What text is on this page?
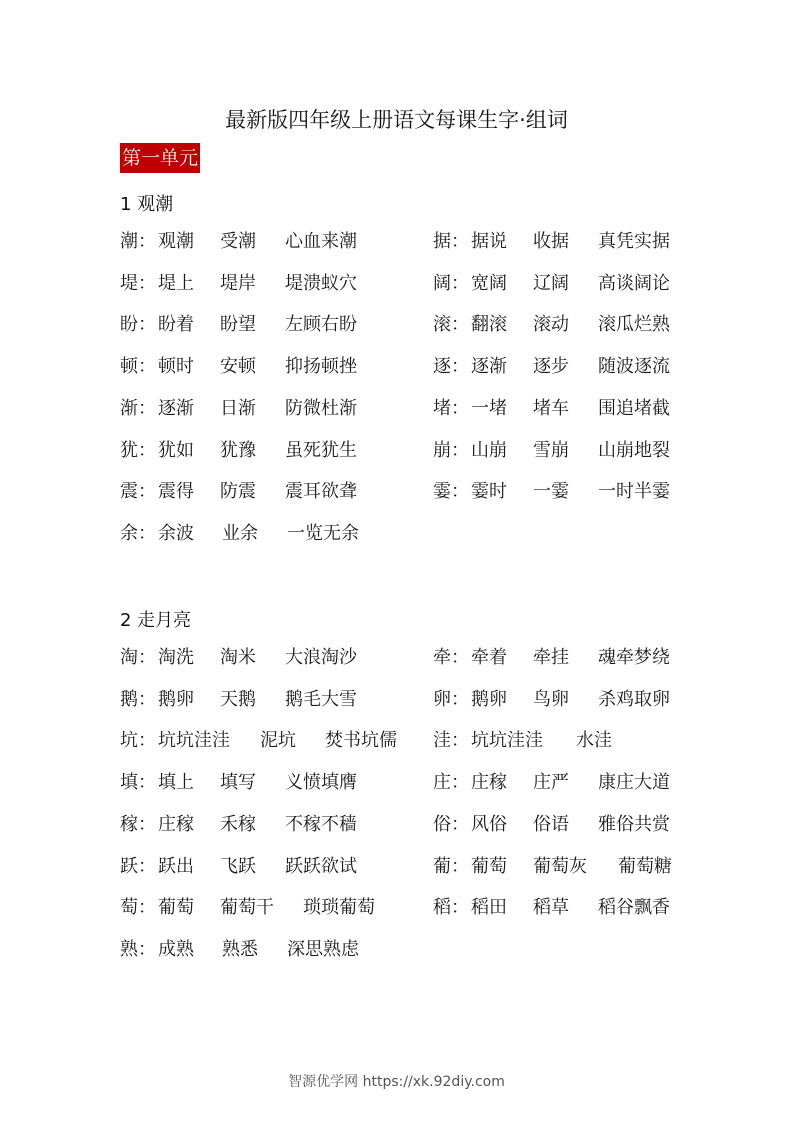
最新版四年级上册语文每课生字·组词
第一单元
1 观潮
潮： 观潮 受潮 心血来潮	据： 据说 收据 真凭实据
堤： 堤上 堤岸 堤溃蚁穴	阔： 宽阔 辽阔 高谈阔论
盼： 盼着 盼望 左顾右盼	滚： 翻滚 滚动 滚瓜烂熟
顿： 顿时 安顿 抑扬顿挫	逐： 逐渐 逐步 随波逐流
渐： 逐渐 日渐 防微杜渐	堵： 一堵 堵车 围追堵截
犹： 犹如 犹豫 虽死犹生	崩： 山崩 雪崩 山崩地裂
震： 震得 防震 震耳欲聋	霎： 霎时 一霎 一时半霎
余： 余波 业余 一览无余
2 走月亮
淘： 淘洗 淘米 大浪淘沙	牵： 牵着 牵挂 魂牵梦绕
鹅： 鹅卵 天鹅 鹅毛大雪	卵： 鹅卵 鸟卵 杀鸡取卵
坑： 坑坑洼洼 泥坑 焚书坑儒 洼： 坑坑洼洼 水洼
填： 填上 填写 义愤填膺	庄： 庄稼 庄严 康庄大道
稼： 庄稼 禾稼 不稼不穑	俗： 风俗 俗语 雅俗共赏
跃： 跃出 飞跃 跃跃欲试	葡： 葡萄 葡萄灰 葡萄糖
萄： 葡萄 葡萄干 琐琐葡萄	稻： 稻田 稻草 稻谷飘香
熟： 成熟 熟悉 深思熟虑
智源优学网 https://xk.92diy.com
